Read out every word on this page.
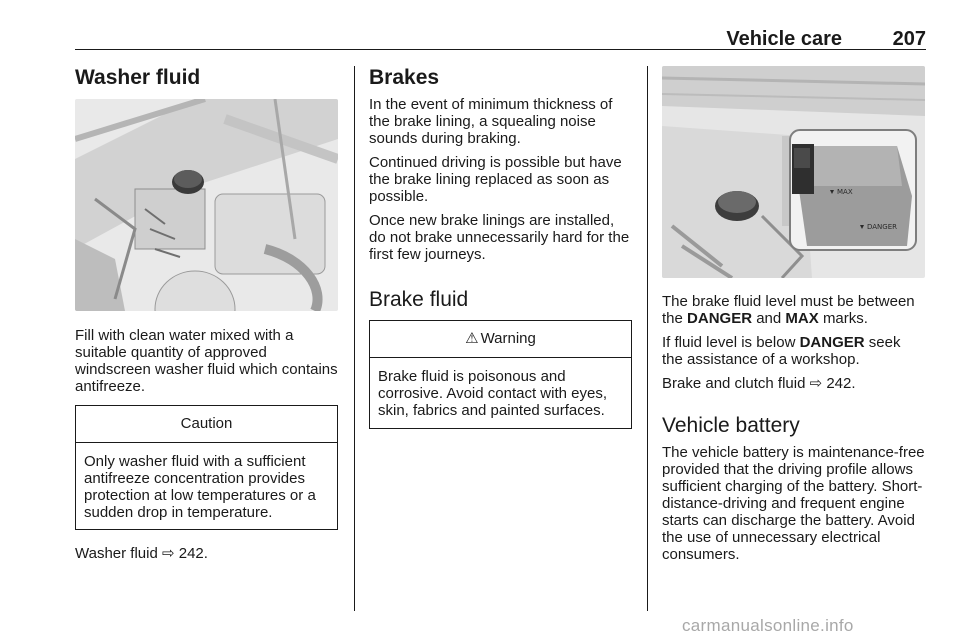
Vehicle care	207
Washer fluid
Fill with clean water mixed with a suitable quantity of approved windscreen washer fluid which contains antifreeze.
Caution
Only washer fluid with a sufficient antifreeze concentration provides protection at low temperatures or a sudden drop in temperature.
Washer fluid ⇨ 242.
Brakes
In the event of minimum thickness of the brake lining, a squealing noise sounds during braking.
Continued driving is possible but have the brake lining replaced as soon as possible.
Once new brake linings are installed, do not brake unnecessarily hard for the first few journeys.
Brake fluid
⚠ Warning
Brake fluid is poisonous and corrosive. Avoid contact with eyes, skin, fabrics and painted surfaces.
MAX
DANGER
The brake fluid level must be between the DANGER and MAX marks.
If fluid level is below DANGER seek the assistance of a workshop.
Brake and clutch fluid ⇨ 242.
Vehicle battery
The vehicle battery is maintenance-free provided that the driving profile allows sufficient charging of the battery. Short-distance-driving and frequent engine starts can discharge the battery. Avoid the use of unnecessary electrical consumers.
carmanualsonline.info
